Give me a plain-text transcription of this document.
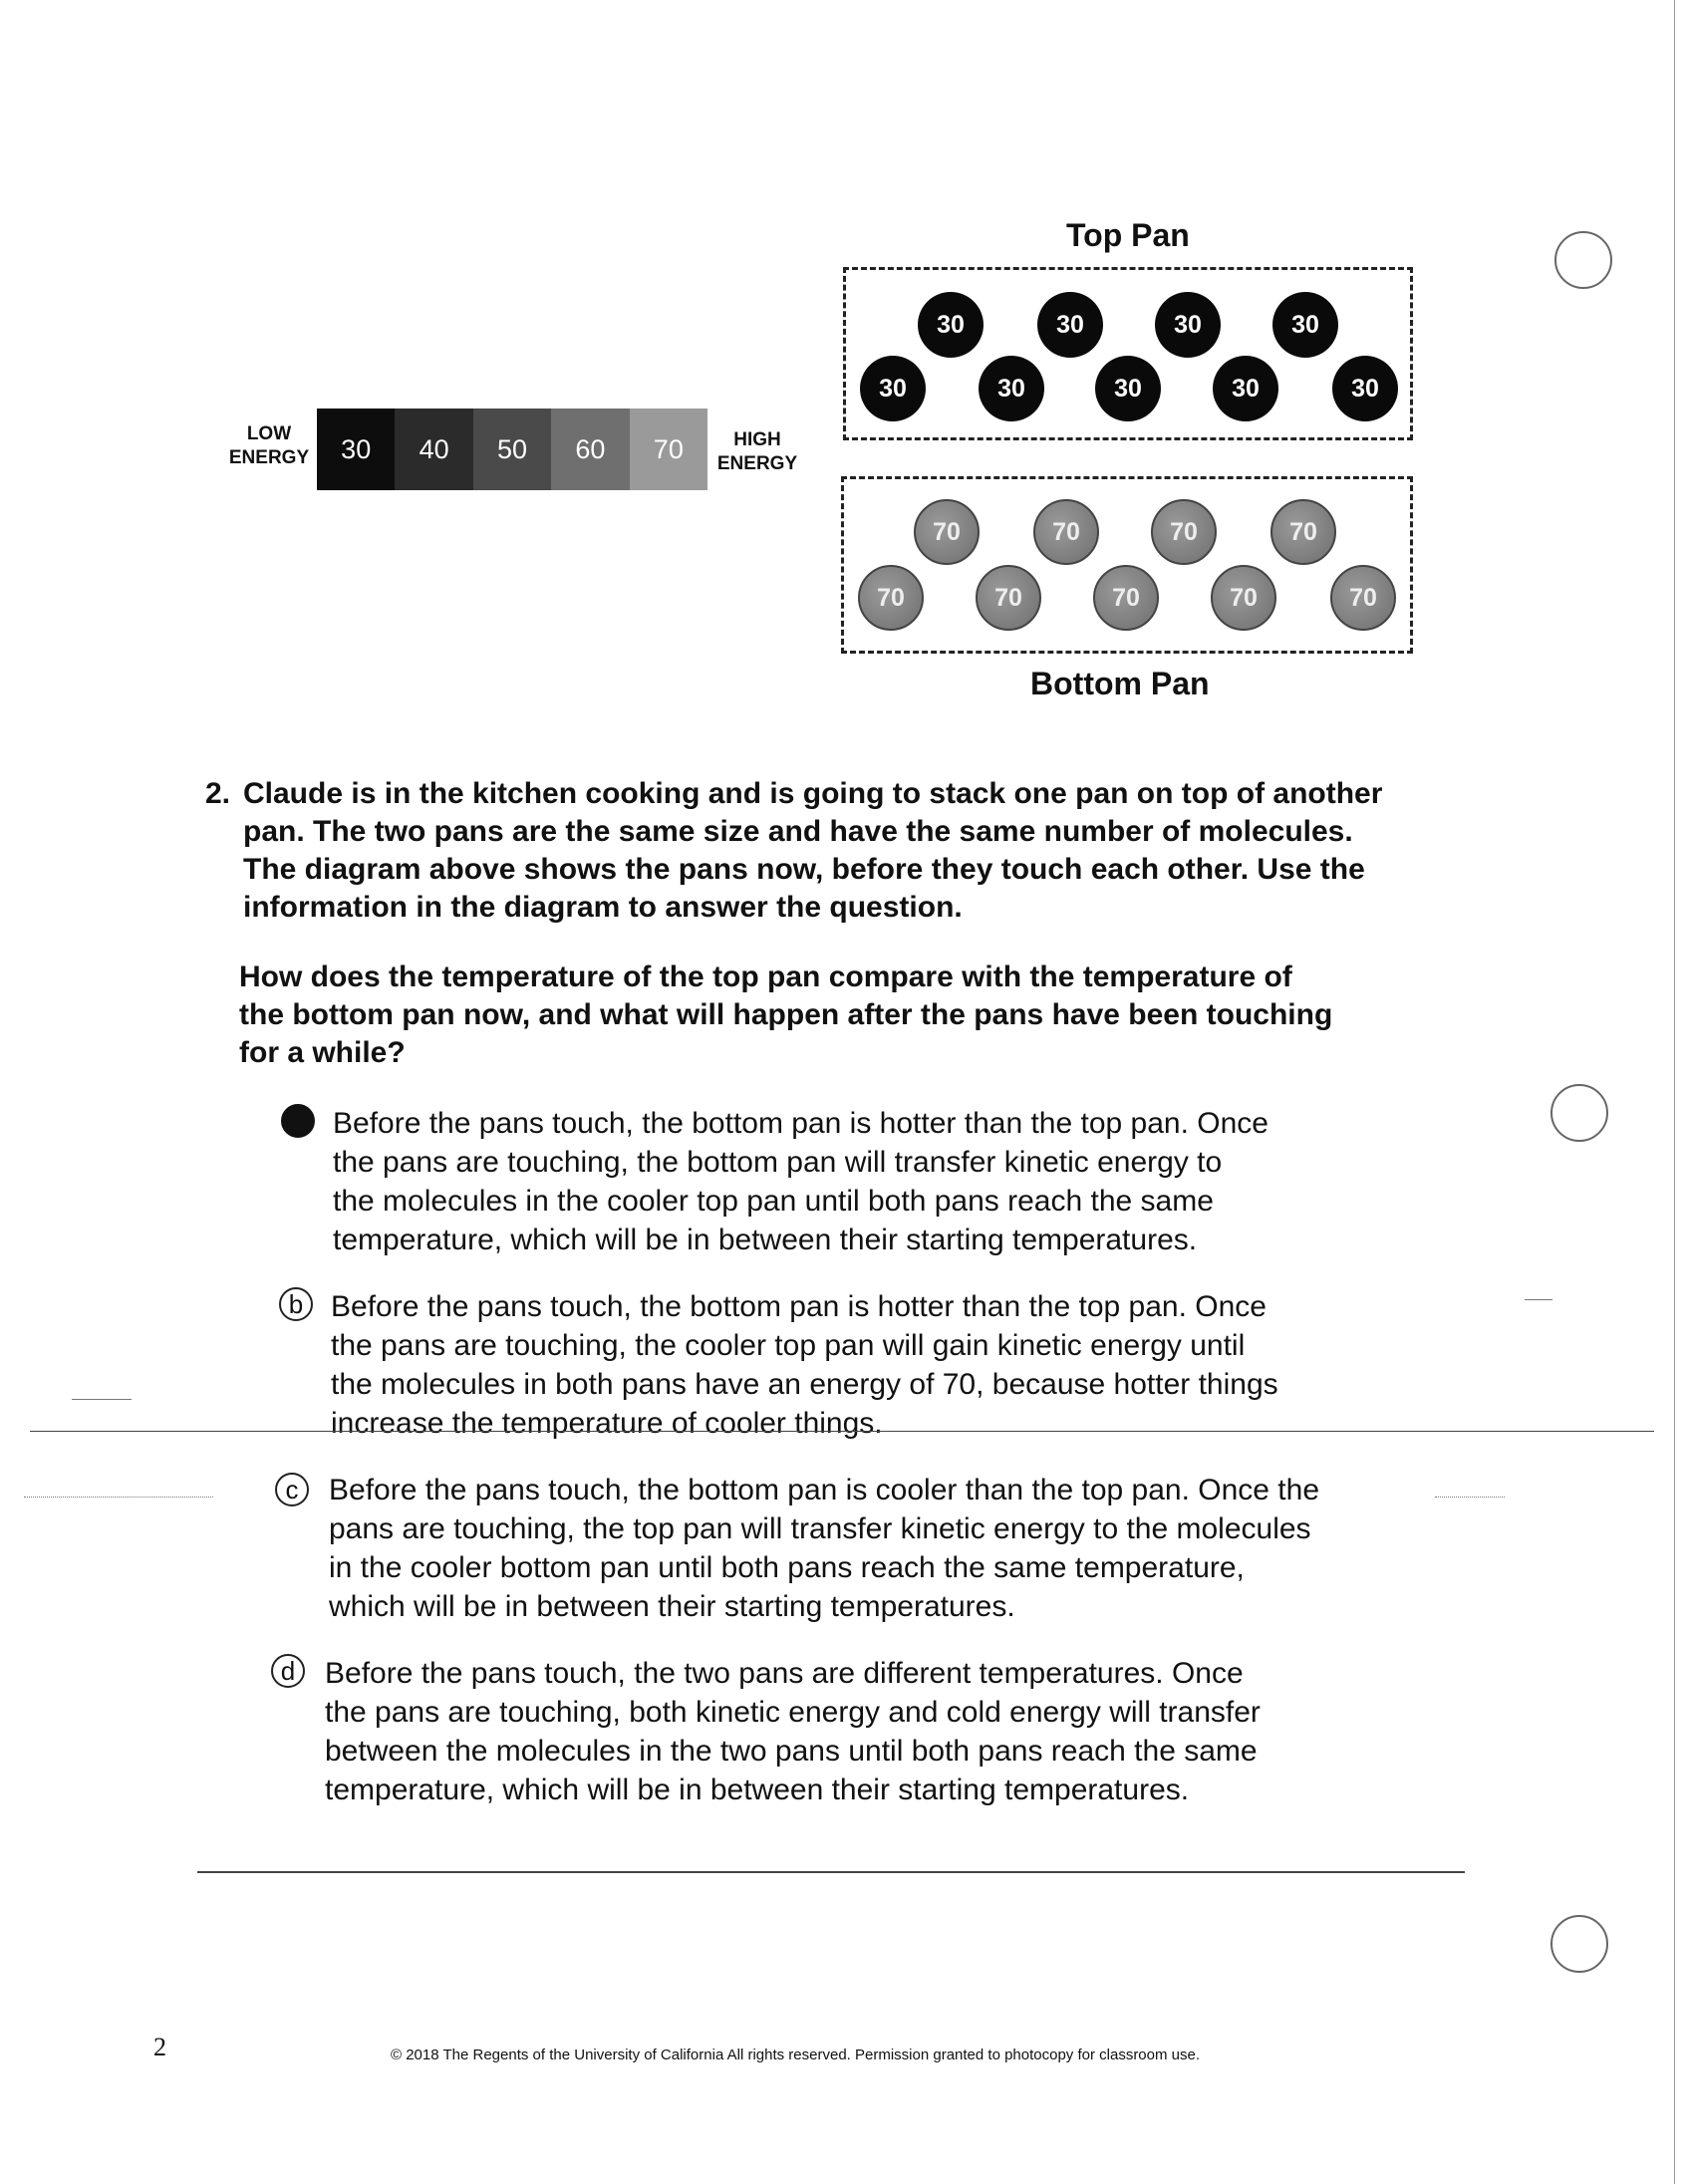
LOW
ENERGY 30 40 50 60 70	HIGH
ENERGY
Top Pan
30	30	30	30
30	30	30	30	30
70	70	70	70
70	70	70	70	70
Bottom Pan
2. Claude is in the kitchen cooking and is going to stack one pan on top of another
pan. The two pans are the same size and have the same number of molecules.
The diagram above shows the pans now, before they touch each other. Use the
information in the diagram to answer the question.
How does the temperature of the top pan compare with the temperature of
the bottom pan now, and what will happen after the pans have been touching
for a while?
Before the pans touch, the bottom pan is hotter than the top pan. Once
the pans are touching, the bottom pan will transfer kinetic energy to
the molecules in the cooler top pan until both pans reach the same
temperature, which will be in between their starting temperatures.
b Before the pans touch, the bottom pan is hotter than the top pan. Once
the pans are touching, the cooler top pan will gain kinetic energy until
the molecules in both pans have an energy of 70, because hotter things
increase the temperature of cooler things.
c Before the pans touch, the bottom pan is cooler than the top pan. Once the
pans are touching, the top pan will transfer kinetic energy to the molecules
in the cooler bottom pan until both pans reach the same temperature,
which will be in between their starting temperatures.
d Before the pans touch, the two pans are different temperatures. Once
the pans are touching, both kinetic energy and cold energy will transfer
between the molecules in the two pans until both pans reach the same
temperature, which will be in between their starting temperatures.
2	© 2018 The Regents of the University of California All rights reserved. Permission granted to photocopy for classroom use.
